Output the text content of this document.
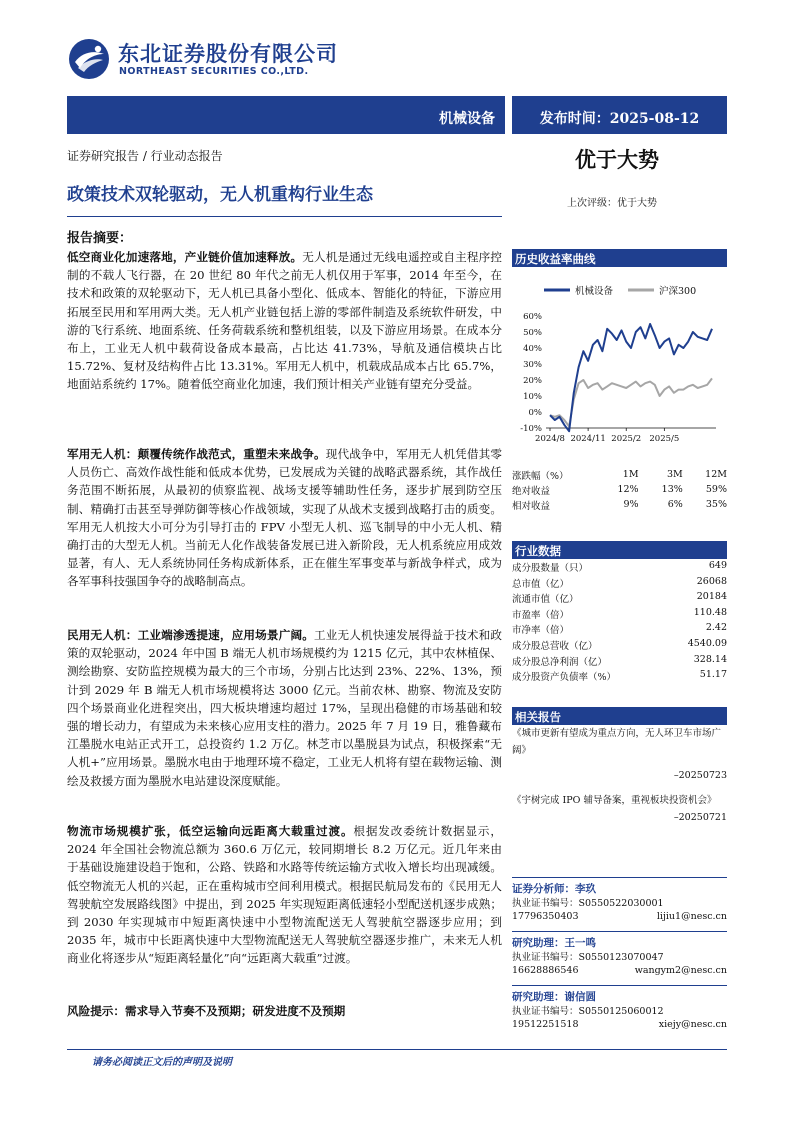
东北证券股份有限公司
NORTHEAST SECURITIES CO.,LTD.
机械设备	发布时间：2025-08-12
证券研究报告 / 行业动态报告	优于大势
政策技术双轮驱动，无人机重构行业生态	上次评级：优于大势
报告摘要：
低空商业化加速落地，产业链价值加速释放。无人机是通过无线电遥控或自主程序控制的不载人飞行器，在 20 世纪 80 年代之前无人机仅用于军事，2014 年至今，在技术和政策的双轮驱动下，无人机已具备小型化、低成本、智能化的特征，下游应用拓展至民用和军用两大类。无人机产业链包括上游的零部件制造及系统软件研发，中游的飞行系统、地面系统、任务荷载系统和整机组装，以及下游应用场景。在成本分布上，工业无人机中载荷设备成本最高，占比达 41.73%，导航及通信模块占比 15.72%、复材及结构件占比 13.31%。军用无人机中，机载成品成本占比 65.7%，地面站系统约 17%。随着低空商业化加速，我们预计相关产业链有望充分受益。
军用无人机：颠覆传统作战范式，重塑未来战争。现代战争中，军用无人机凭借其零人员伤亡、高效作战性能和低成本优势，已发展成为关键的战略武器系统，其作战任务范围不断拓展，从最初的侦察监视、战场支援等辅助性任务，逐步扩展到防空压制、精确打击甚至导弹防御等核心作战领域，实现了从战术支援到战略打击的质变。军用无人机按大小可分为引导打击的 FPV 小型无人机、巡飞制导的中小无人机、精确打击的大型无人机。当前无人化作战装备发展已进入新阶段，无人机系统应用成效显著，有人、无人系统协同任务构成新体系，正在催生军事变革与新战争样式，成为各军事科技强国争夺的战略制高点。
民用无人机：工业端渗透提速，应用场景广阔。工业无人机快速发展得益于技术和政策的双轮驱动，2024 年中国 B 端无人机市场规模约为 1215 亿元，其中农林植保、测绘勘察、安防监控规模为最大的三个市场，分别占比达到 23%、22%、13%，预计到 2029 年 B 端无人机市场规模将达 3000 亿元。当前农林、勘察、物流及安防四个场景商业化进程突出，四大板块增速均超过 17%，呈现出稳健的市场基础和较强的增长动力，有望成为未来核心应用支柱的潜力。2025 年 7 月 19 日，雅鲁藏布江墨脱水电站正式开工，总投资约 1.2 万亿。林芝市以墨脱县为试点，积极探索“无人机+”应用场景。墨脱水电由于地理环境不稳定，工业无人机将有望在载物运输、测绘及救援方面为墨脱水电站建设深度赋能。
物流市场规模扩张，低空运输向远距离大载重过渡。根据发改委统计数据显示，2024 年全国社会物流总额为 360.6 万亿元，较同期增长 8.2 万亿元。近几年来由于基础设施建设趋于饱和，公路、铁路和水路等传统运输方式收入增长均出现减缓。低空物流无人机的兴起，正在重构城市空间利用模式。根据民航局发布的《民用无人驾驶航空发展路线图》中提出，到 2025 年实现短距离低速轻小型配送机逐步成熟；到 2030 年实现城市中短距离快速中小型物流配送无人驾驶航空器逐步应用；到 2035 年，城市中长距离快速中大型物流配送无人驾驶航空器逐步推广，未来无人机商业化将逐步从“短距离轻量化”向“远距离大载重”过渡。
风险提示：需求导入节奏不及预期；研发进度不及预期
历史收益率曲线
机械设备	沪深300
60%
50%
40%
30%
20%
10%
0%
-10%
2024/8 2024/11 2025/2 2025/5
涨跌幅（%）	1M	3M	12M
绝对收益	12%	13%	59%
相对收益	9%	6%	35%
行业数据
成分股数量（只）	649
总市值（亿）	26068
流通市值（亿）	20184
市盈率（倍）	110.48
市净率（倍）	2.42
成分股总营收（亿）	4540.09
成分股总净利润（亿）	328.14
成分股资产负债率（%）	51.17
相关报告
《城市更新有望成为重点方向，无人环卫车市场广阔》
–20250723
《宇树完成 IPO 辅导备案，重视板块投资机会》
–20250721
证券分析师：李玖
执业证书编号：S0550522030001
17796350403	lijiu1@nesc.cn
研究助理：王一鸣
执业证书编号：S0550123070047
16628886546	wangym2@nesc.cn
研究助理：谢信圆
执业证书编号：S0550125060012
19512251518	xiejy@nesc.cn
请务必阅读正文后的声明及说明
